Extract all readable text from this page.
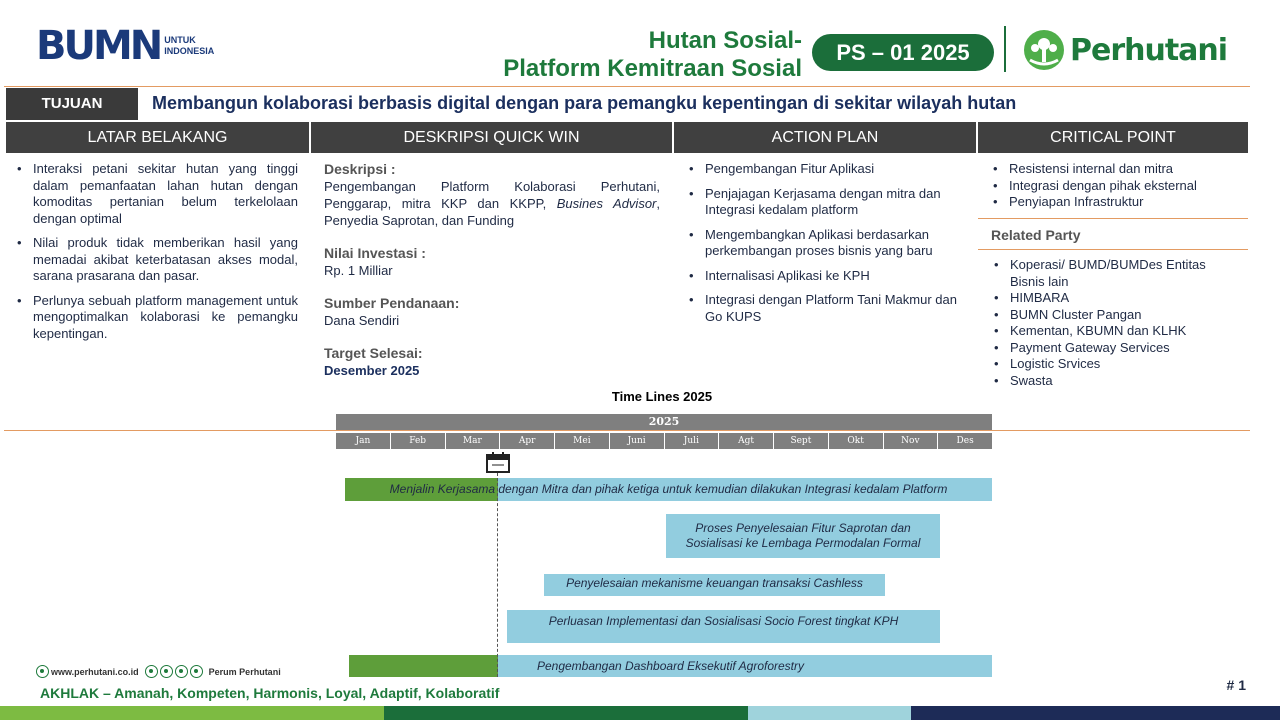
BUMN UNTUK
INDONESIA	Hutan Sosial-
Platform Kemitraan Sosial
PS – 01 2025	Perhutani
TUJUAN	Membangun kolaborasi berbasis digital dengan para pemangku kepentingan di sekitar wilayah hutan
LATAR BELAKANG	DESKRIPSI QUICK WIN	ACTION PLAN	CRITICAL POINT
• Interaksi petani sekitar hutan yang tinggi dalam pemanfaatan lahan hutan dengan komoditas pertanian belum terkelolaan dengan optimal
• Nilai produk tidak memberikan hasil yang memadai akibat keterbatasan akses modal, sarana prasarana dan pasar.
• Perlunya sebuah platform management untuk mengoptimalkan kolaborasi ke pemangku kepentingan.
Deskripsi :
Pengembangan Platform Kolaborasi Perhutani, Penggarap, mitra KKP dan KKPP, Busines Advisor, Penyedia Saprotan, dan Funding
Nilai Investasi :
Rp. 1 Milliar
Sumber Pendanaan:
Dana Sendiri
Target Selesai:
Desember 2025
• Pengembangan Fitur Aplikasi
• Penjajagan Kerjasama dengan mitra dan Integrasi kedalam platform
• Mengembangkan Aplikasi berdasarkan perkembangan proses bisnis yang baru
• Internalisasi Aplikasi ke KPH
• Integrasi dengan Platform Tani Makmur dan Go KUPS
• Resistensi internal dan mitra
• Integrasi dengan pihak eksternal
• Penyiapan Infrastruktur
Related Party
• Koperasi/ BUMD/BUMDes Entitas Bisnis lain
• HIMBARA
• BUMN Cluster Pangan
• Kementan, KBUMN dan KLHK
• Payment Gateway Services
• Logistic Srvices
• Swasta
Time Lines 2025
2025
Jan	Feb	Mar	Apr	Mei	Juni	Juli	Agt	Sept	Okt	Nov	Des
Menjalin Kerjasama dengan Mitra dan pihak ketiga untuk kemudian dilakukan Integrasi kedalam Platform
Proses Penyelesaian Fitur Saprotan dan
Sosialisasi ke Lembaga Permodalan Formal
Penyelesaian mekanisme keuangan transaksi Cashless
Perluasan Implementasi dan Sosialisasi Socio Forest tingkat KPH
Pengembangan Dashboard Eksekutif Agroforestry
www.perhutani.co.id	Perum Perhutani
AKHLAK – Amanah, Kompeten, Harmonis, Loyal, Adaptif, Kolaboratif	# 1
